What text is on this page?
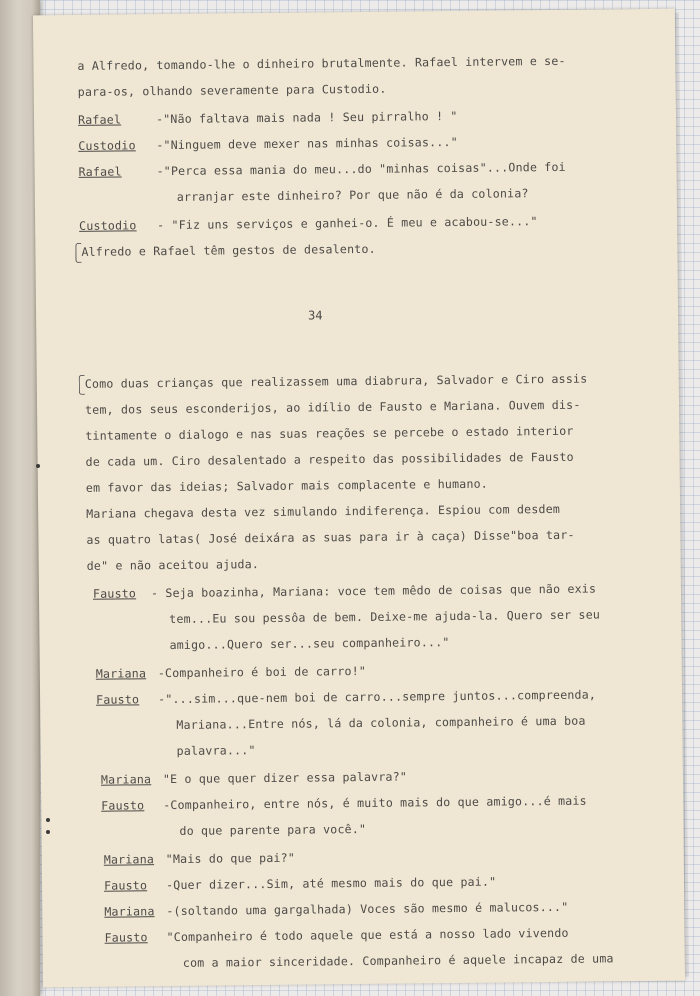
a Alfredo, tomando-lhe o dinheiro brutalmente. Rafael intervem e se-
para-os, olhando severamente para Custodio.
Rafael	-"Não faltava mais nada ! Seu pirralho ! "
Custodio -"Ninguem deve mexer nas minhas coisas..."
Rafael	-"Perca essa mania do meu...do "minhas coisas"...Onde foi
arranjar este dinheiro? Por que não é da colonia?
Custodio - "Fiz uns serviços e ganhei-o. É meu e acabou-se..."
Alfredo e Rafael têm gestos de desalento.
34
Como duas crianças que realizassem uma diabrura, Salvador e Ciro assis
tem, dos seus esconderijos, ao idílio de Fausto e Mariana. Ouvem dis-
tintamente o dialogo e nas suas reações se percebe o estado interior
de cada um. Ciro desalentado a respeito das possibilidades de Fausto
em favor das ideias; Salvador mais complacente e humano.
Mariana chegava desta vez simulando indiferença. Espiou com desdem
as quatro latas( José deixára as suas para ir à caça) Disse"boa tar-
de" e não aceitou ajuda.
Fausto - Seja boazinha, Mariana: voce tem mêdo de coisas que não exis
tem...Eu sou pessôa de bem. Deixe-me ajuda-la. Quero ser seu
amigo...Quero ser...seu companheiro..."
Mariana -Companheiro é boi de carro!"
Fausto -"...sim...que-nem boi de carro...sempre juntos...compreenda,
Mariana...Entre nós, lá da colonia, companheiro é uma boa
palavra..."
Mariana "E o que quer dizer essa palavra?"
Fausto -Companheiro, entre nós, é muito mais do que amigo...é mais
do que parente para você."
Mariana "Mais do que pai?"
Fausto -Quer dizer...Sim, até mesmo mais do que pai."
Mariana -(soltando uma gargalhada) Voces são mesmo é malucos..."
Fausto "Companheiro é todo aquele que está a nosso lado vivendo
com a maior sinceridade. Companheiro é aquele incapaz de uma
